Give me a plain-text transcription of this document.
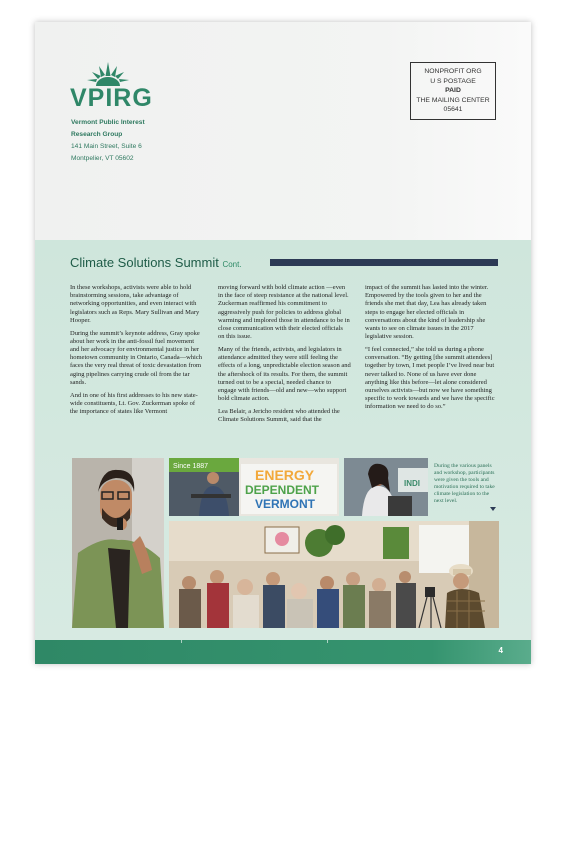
VPIRG
Vermont Public Interest
Research Group
141 Main Street, Suite 6
Montpelier, VT 05602
NONPROFIT ORG
U S POSTAGE
PAID
THE MAILING CENTER
05641
Climate Solutions Summit Cont.

In these workshops, activists were able to hold brainstorming sessions, take advantage of networking opportunities, and even interact with legislators such as Reps. Mary Sullivan and Mary Hooper.

During the summit’s keynote address, Gray spoke about her work in the anti-fossil fuel movement and her advocacy for environmental justice in her hometown community in Ontario, Canada—which faces the very real threat of toxic devastation from aging pipelines carrying crude oil from the tar sands.

And in one of his first addresses to his new state-wide constituents, Lt. Gov. Zuckerman spoke of the importance of states like Vermont

moving forward with bold climate action —even in the face of steep resistance at the national level. Zuckerman reaffirmed his commitment to aggressively push for policies to address global warming and implored those in attendance to be in close communication with their elected officials on this issue.

Many of the friends, activists, and legislators in attendance admitted they were still feeling the effects of a long, unpredictable election season and the aftershock of its results. For them, the summit turned out to be a special, needed chance to engage with friends—old and new—who support bold climate action.

Lea Belair, a Jericho resident who attended the Climate Solutions Summit, said that the

impact of the summit has lasted into the winter. Empowered by the tools given to her and the friends she met that day, Lea has already taken steps to engage her elected officials in conversations about the kind of leadership she wants to see on climate issues in the 2017 legislative session.

“I feel connected,” she told us during a phone conversation. “By getting [the summit attendees] together by town, I met people I’ve lived near but never talked to. None of us have ever done anything like this before—let alone considered ourselves activists—but now we have something specific to work towards and we have the specific information we need to do so.”

Since 1887
ENERGY
DEPENDENT
VERMONT
INDI
During the various panels and workshop, participants were given the tools and motivation required to take climate legislation to the next level.
4
